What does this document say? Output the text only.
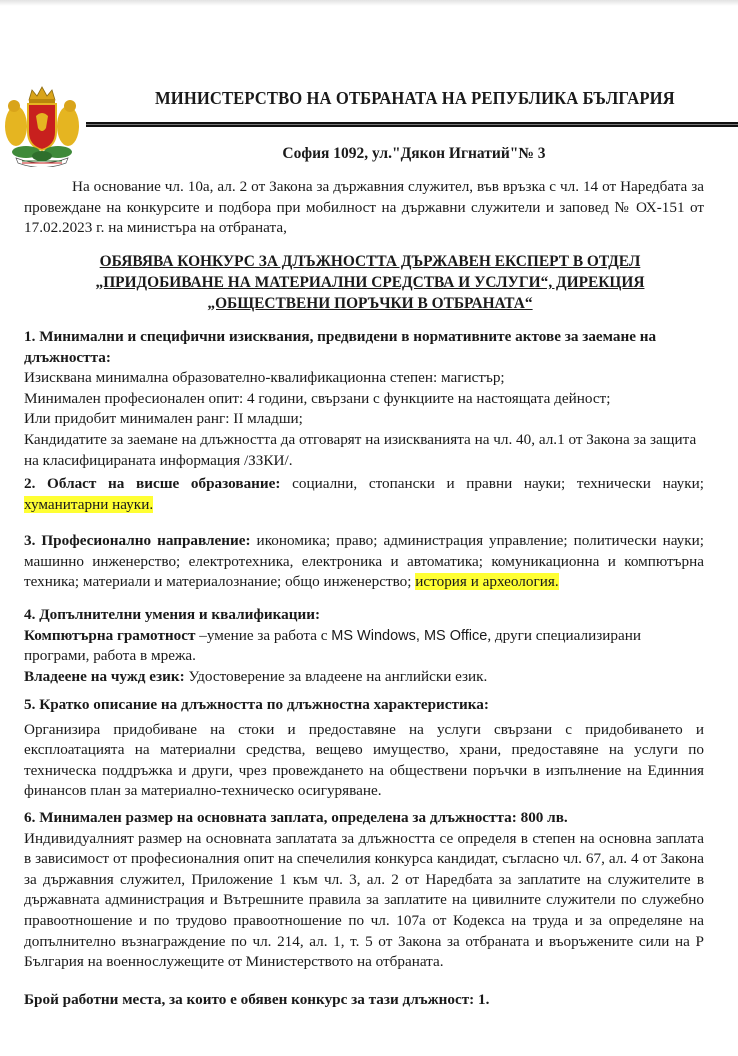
МИНИСТЕРСТВО НА ОТБРАНАТА НА РЕПУБЛИКА БЪЛГАРИЯ
София 1092, ул."Дякон Игнатий"№ 3

На основание чл. 10а, ал. 2 от Закона за държавния служител, във връзка с чл. 14 от Наредбата за провеждане на конкурсите и подбора при мобилност на държавни служители и заповед № ОХ-151 от 17.02.2023 г. на министъра на отбраната,

ОБЯВЯВА КОНКУРС ЗА ДЛЪЖНОСТТА ДЪРЖАВЕН ЕКСПЕРТ В ОТДЕЛ
„ПРИДОБИВАНЕ НА МАТЕРИАЛНИ СРЕДСТВА И УСЛУГИ“, ДИРЕКЦИЯ
„ОБЩЕСТВЕНИ ПОРЪЧКИ В ОТБРАНАТА“

1. Минимални и специфични изисквания, предвидени в нормативните актове за заемане на длъжността:

Изисквана минимална образователно-квалификационна степен: магистър;

Минимален професионален опит: 4 години, свързани с функциите на настоящата дейност;

Или придобит минимален ранг: II младши;

Кандидатите за заемане на длъжността да отговарят на изискванията на чл. 40, ал.1 от Закона за защита на класифицираната информация /ЗЗКИ/.

2. Област на висше образование: социални, стопански и правни науки; технически науки; хуманитарни науки.

3. Професионално направление: икономика; право; администрация управление; политически науки; машинно инженерство; електротехника, електроника и автоматика; комуникационна и компютърна техника; материали и материалознание; общо инженерство; история и археология.

4. Допълнителни умения и квалификации:

Компютърна грамотност –умение за работа с MS Windows, MS Office, други специализирани програми, работа в мрежа.

Владеене на чужд език: Удостоверение за владеене на английски език.

5. Кратко описание на длъжността по длъжностна характеристика:

Организира придобиване на стоки и предоставяне на услуги свързани с придобиването и експлоатацията на материални средства, вещево имущество, храни, предоставяне на услуги по техническа поддръжка и други, чрез провеждането на обществени поръчки в изпълнение на Единния финансов план за материално-техническо осигуряване.

6. Минимален размер на основната заплата, определена за длъжността: 800 лв.

Индивидуалният размер на основната заплатата за длъжността се определя в степен на основна заплата в зависимост от професионалния опит на спечелилия конкурса кандидат, съгласно чл. 67, ал. 4 от Закона за държавния служител, Приложение 1 към чл. 3, ал. 2 от Наредбата за заплатите на служителите в държавната администрация и Вътрешните правила за заплатите на цивилните служители по служебно правоотношение и по трудово правоотношение по чл. 107а от Кодекса на труда и за определяне на допълнително възнаграждение по чл. 214, ал. 1, т. 5 от Закона за отбраната и въоръжените сили на Р България на военнослужещите от Министерството на отбраната.

Брой работни места, за които е обявен конкурс за тази длъжност: 1.
